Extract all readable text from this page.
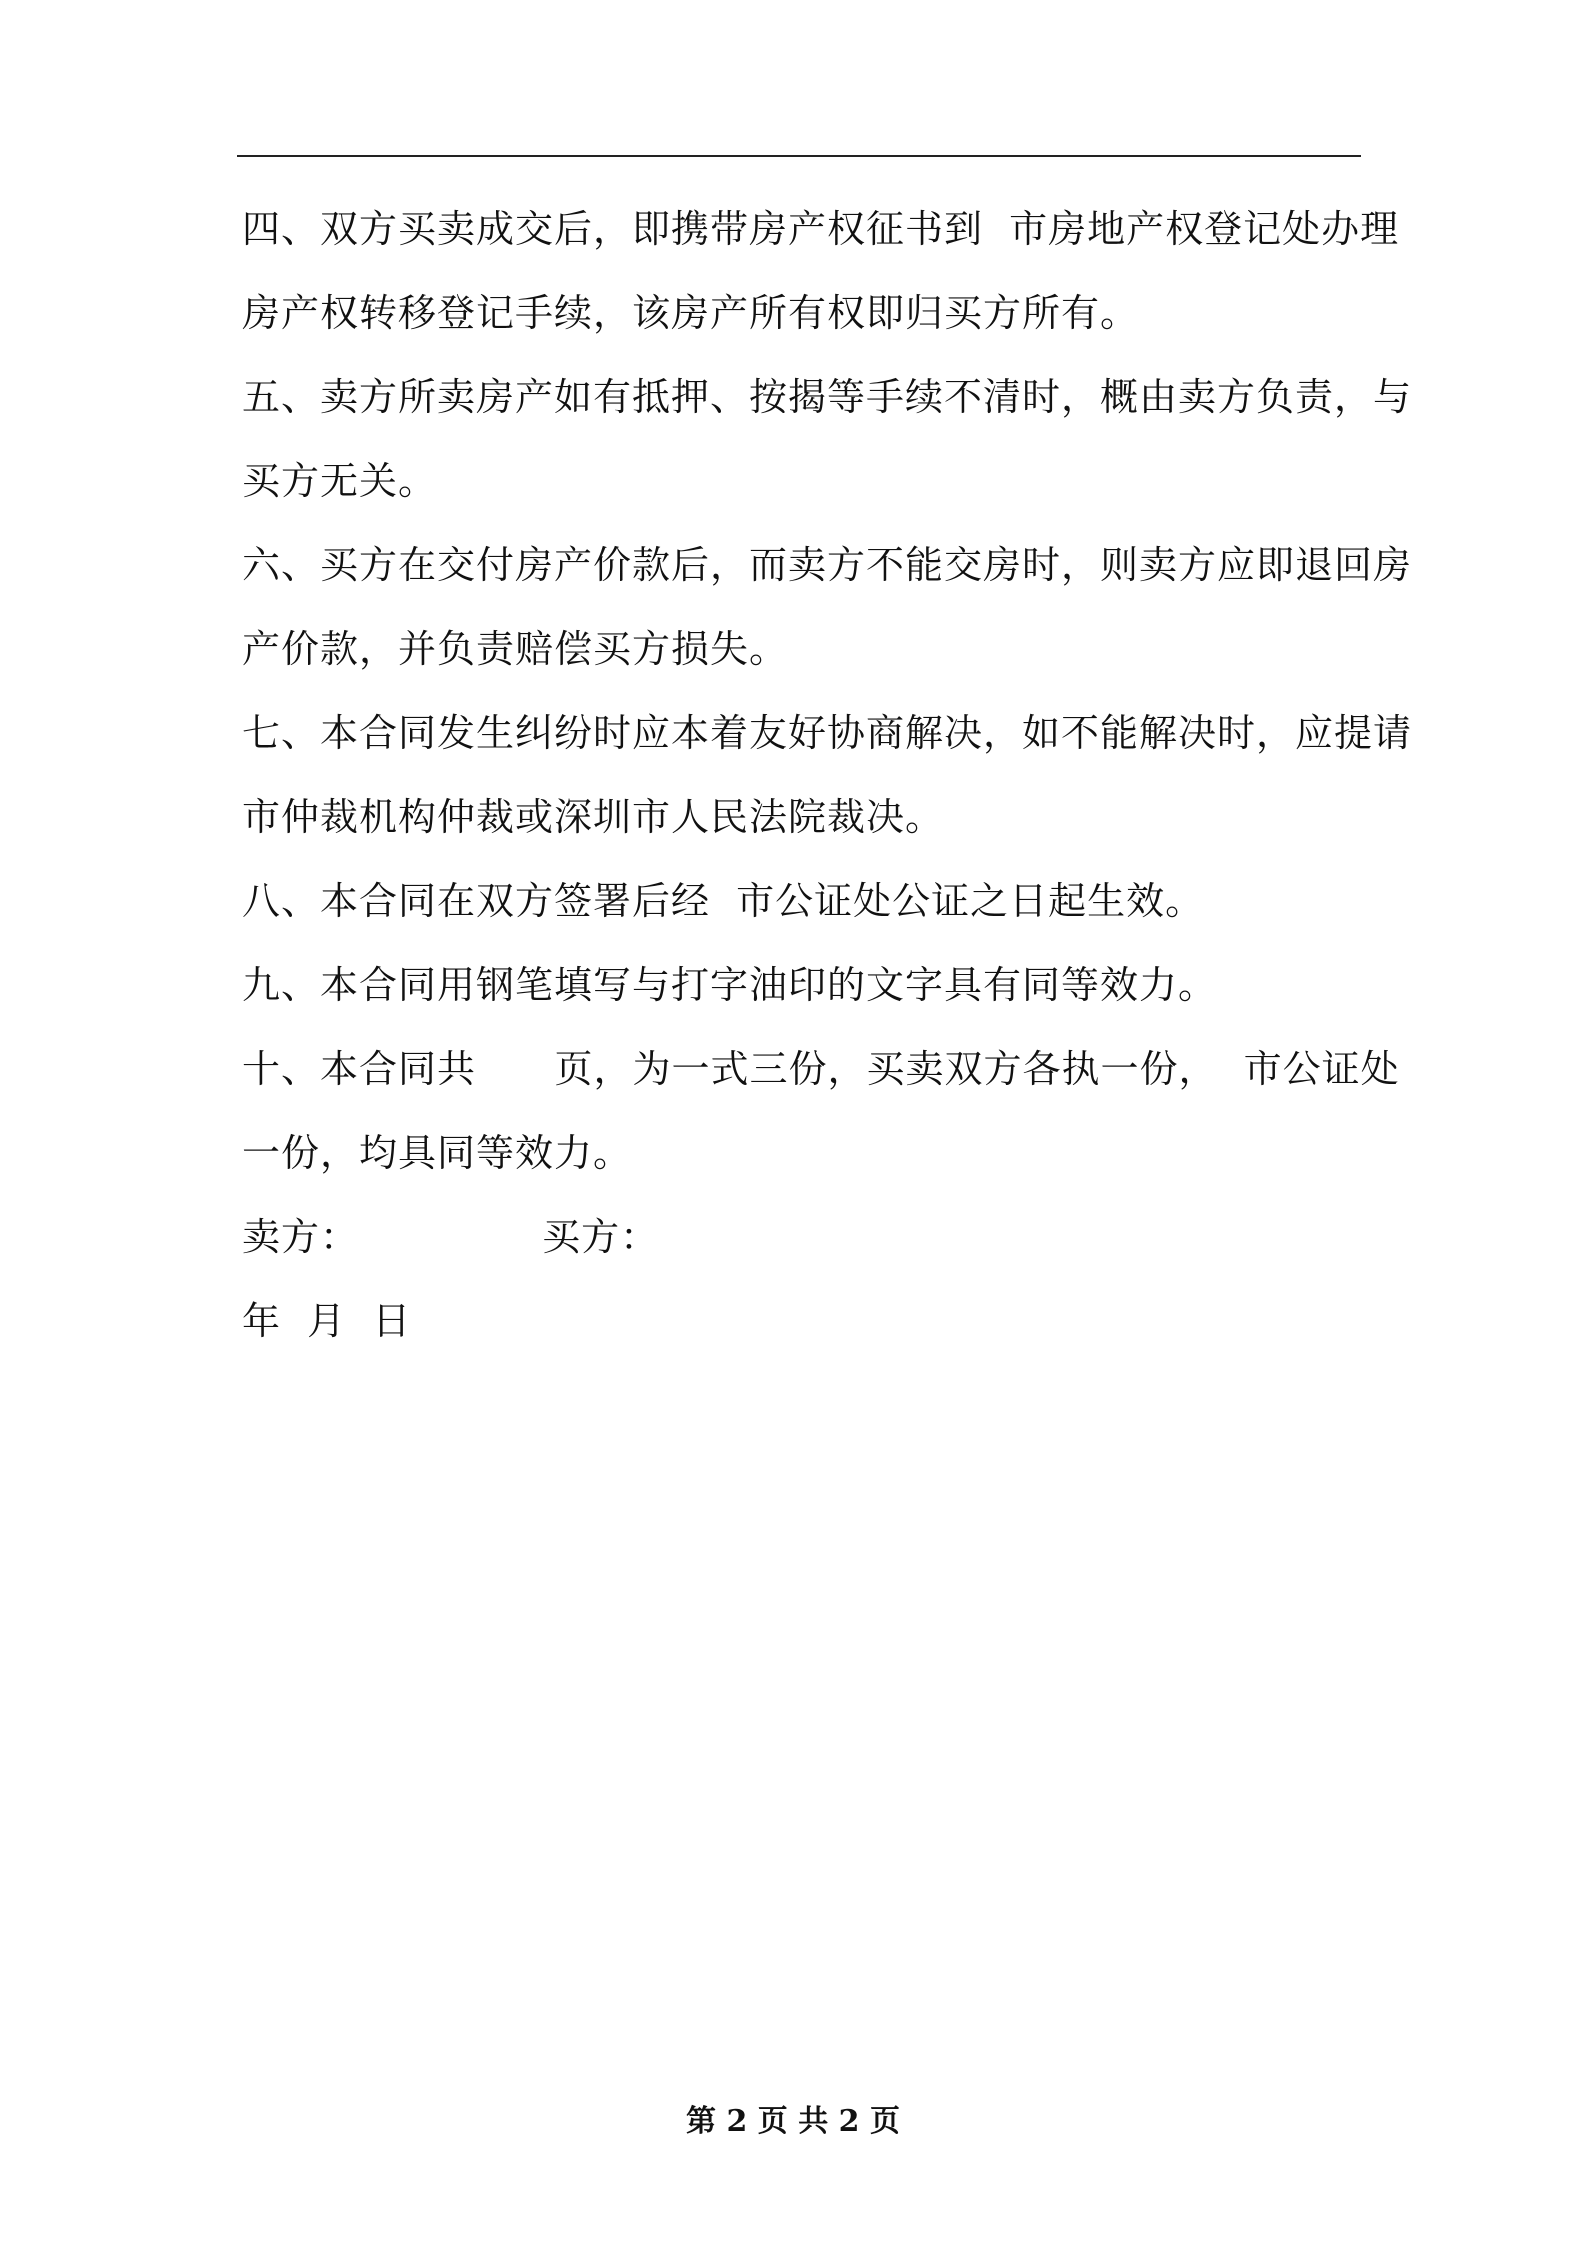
四、双方买卖成交后，即携带房产权征书到  市房地产权登记处办理
房产权转移登记手续，该房产所有权即归买方所有。
五、卖方所卖房产如有抵押、按揭等手续不清时，概由卖方负责，与
买方无关。
六、买方在交付房产价款后，而卖方不能交房时，则卖方应即退回房
产价款，并负责赔偿买方损失。
七、本合同发生纠纷时应本着友好协商解决，如不能解决时，应提请
市仲裁机构仲裁或深圳市人民法院裁决。
八、本合同在双方签署后经  市公证处公证之日起生效。
九、本合同用钢笔填写与打字油印的文字具有同等效力。
十、本合同共      页，为一式三份，买卖双方各执一份，  市公证处
一份，均具同等效力。
卖方：              买方：
年  月  日
第 2 页 共 2 页
